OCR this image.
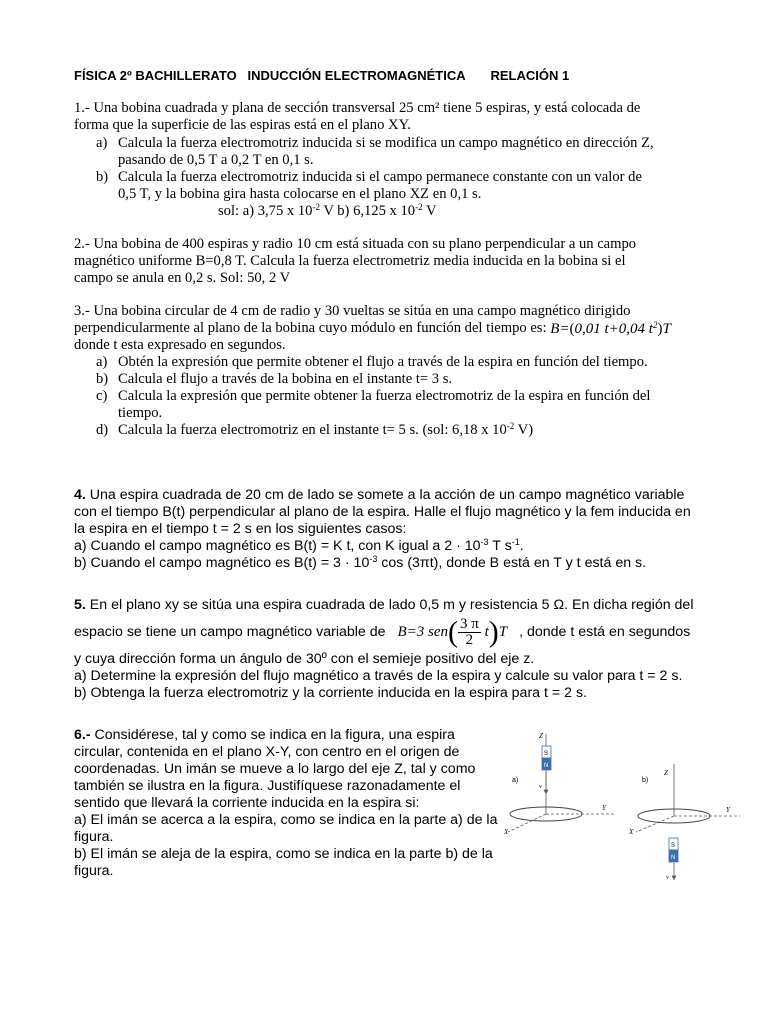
FÍSICA 2º BACHILLERATO INDUCCIÓN ELECTROMAGNÉTICA RELACIÓN 1
1.- Una bobina cuadrada y plana de sección transversal 25 cm² tiene 5 espiras, y está colocada de
forma que la superficie de las espiras está en el plano XY.
a) Calcula la fuerza electromotriz inducida si se modifica un campo magnético en dirección Z,
pasando de 0,5 T a 0,2 T en 0,1 s.
b) Calcula la fuerza electromotriz inducida si el campo permanece constante con un valor de
0,5 T, y la bobina gira hasta colocarse en el plano XZ en 0,1 s.
sol: a) 3,75 x $10^{-2}$ V b) 6,125 x $10^{-2}$ V
2.- Una bobina de 400 espiras y radio 10 cm está situada con su plano perpendicular a un campo
magnético uniforme B=0,8 T. Calcula la fuerza electrometriz media inducida en la bobina si el
campo se anula en 0,2 s. Sol: 50, 2 V
3.- Una bobina circular de 4 cm de radio y 30 vueltas se sitúa en una campo magnético dirigido
perpendicularmente al plano de la bobina cuyo módulo en función del tiempo es: B=(0,01 t+0,04 $t^2)T$
donde t esta expresado en segundos.
a) Obtén la expresión que permite obtener el flujo a través de la espira en función del tiempo.
b) Calcula el flujo a través de la bobina en el instante t= 3 s.
c) Calcula la expresión que permite obtener la fuerza electromotriz de la espira en función del
tiempo.
d) Calcula la fuerza electromotriz en el instante t= 5 s. (sol: 6,18 x $10^{-2}$ V)
4. Una espira cuadrada de 20 cm de lado se somete a la acción de un campo magnético variable
con el tiempo B(t) perpendicular al plano de la espira. Halle el flujo magnético y la fem inducida en
la espira en el tiempo t = 2 s en los siguientes casos:
a) Cuando el campo magnético es B(t) = K t, con K igual a $2 \cdot 10^{-3}$ T $s^{-1}$.
b) Cuando el campo magnético es $B(t) = 3 \cdot 10^{-3}$ cos (3πt), donde B está en T y t está en s.
5. En el plano xy se sitúa una espira cuadrada de lado 0,5 m y resistencia 5 Ω. En dicha región del
espacio se tiene un campo magnético variable de B=3 $sen( \frac{3 \pi}{2} t)T$ , donde t está en segundos
y cuya dirección forma un ángulo de 30º con el semieje positivo del eje z.
a) Determine la expresión del flujo magnético a través de la espira y calcule su valor para t = 2 s.
b) Obtenga la fuerza electromotriz y la corriente inducida en la espira para t = 2 s.
6.- Considérese, tal y como se indica en la figura, una espira
circular, contenida en el plano X-Y, con centro en el origen de
coordenadas. Un imán se mueve a lo largo del eje Z, tal y como
también se ilustra en la figura. Justifíquese razonadamente el
sentido que llevará la corriente inducida en la espira si:
a) El imán se acerca a la espira, como se indica en la parte a) de la
figura.
b) El imán se aleja de la espira, como se indica en la parte b) de la
figura.
a)
Z
Y
X
S
N
v
b)
Z
Y
X
S
N
v
